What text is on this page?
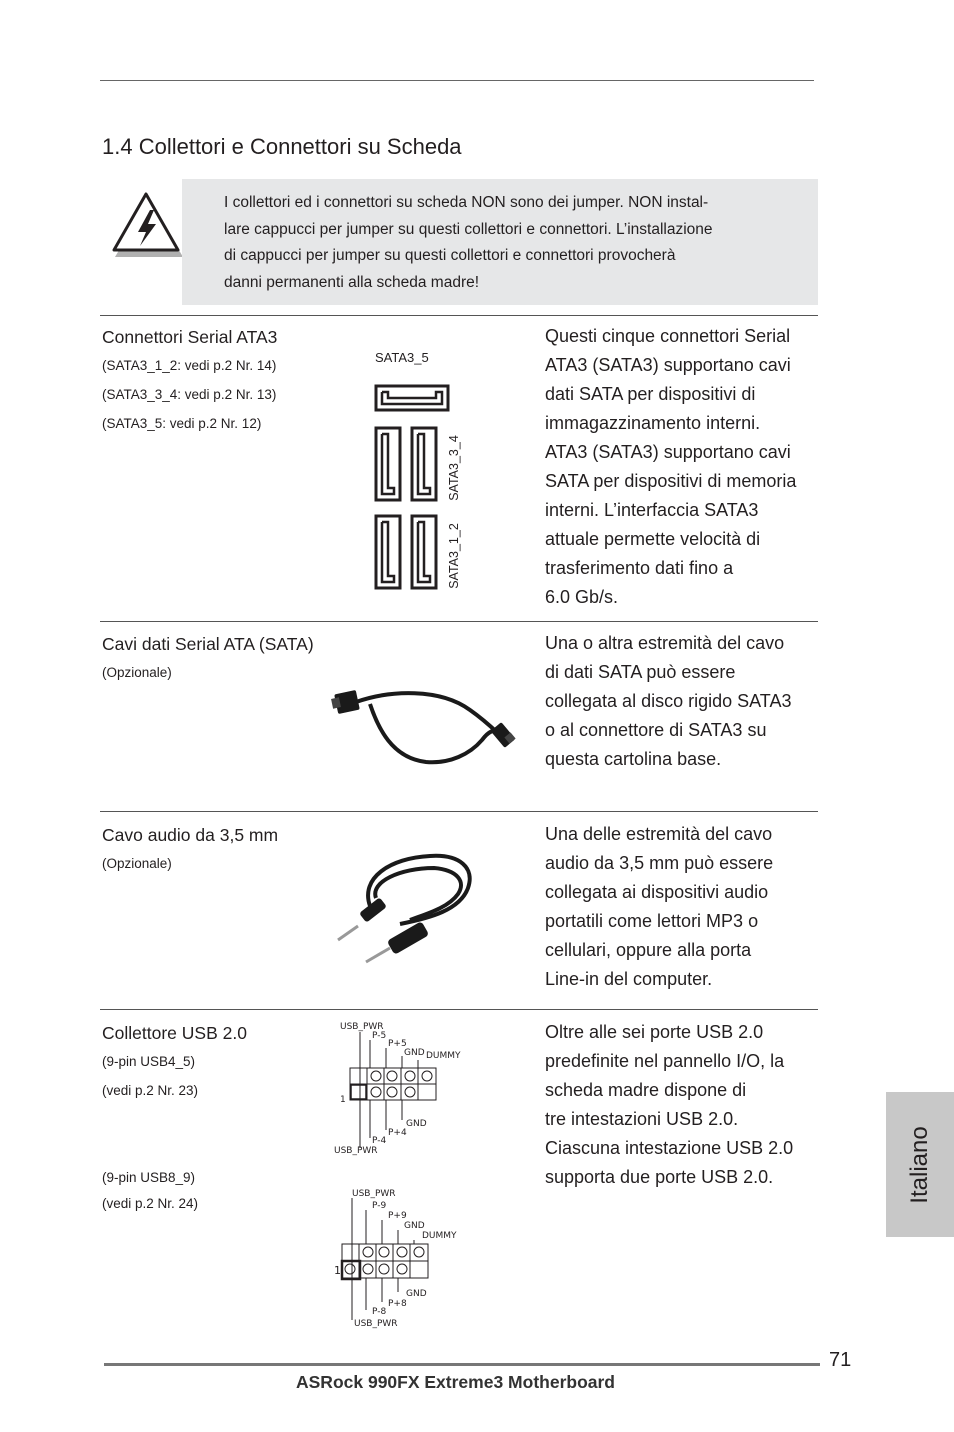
1.4 Collettori e Connettori su Scheda
I collettori ed i connettori su scheda NON sono dei jumper. NON instal-
lare cappucci per jumper su questi collettori e connettori. L’installazione
di cappucci per jumper su questi collettori e connettori provocherà
danni permanenti alla scheda madre!
Connettori Serial ATA3
(SATA3_1_2: vedi p.2 Nr. 14)
(SATA3_3_4: vedi p.2 Nr. 13)
(SATA3_5: vedi p.2 Nr. 12)
SATA3_5
SATA3_3_4
SATA3_1_2
Questi cinque connettori Serial
ATA3 (SATA3) supportano cavi
dati SATA per dispositivi di
immagazzinamento interni.
ATA3 (SATA3) supportano cavi
SATA per dispositivi di memoria
interni. L’interfaccia SATA3
attuale permette velocità di
trasferimento dati fino a
6.0 Gb/s.
Cavi dati Serial ATA (SATA)
(Opzionale)
Una o altra estremità del cavo
di dati SATA può essere
collegata al disco rigido SATA3
o al connettore di SATA3 su
questa cartolina base.
Cavo audio da 3,5 mm
(Opzionale)
Una delle estremità del cavo
audio da 3,5 mm può essere
collegata ai dispositivi audio
portatili come lettori MP3 o
cellulari, oppure alla porta
Line-in del computer.
Collettore USB 2.0
(9-pin USB4_5)
(vedi p.2 Nr. 23)
(9-pin USB8_9)
(vedi p.2 Nr. 24)
USB_PWR
P-5
P+5
GND DUMMY
1
GND
P+4
P-4
USB_PWR
USB_PWR
P-9
P+9
GND
DUMMY
1
GND
P+8
P-8
USB_PWR
Oltre alle sei porte USB 2.0
predefinite nel pannello I/O, la
scheda madre dispone di
tre intestazioni USB 2.0.
Ciascuna intestazione USB 2.0
supporta due porte USB 2.0.	Italiano
71
ASRock 990FX Extreme3 Motherboard
